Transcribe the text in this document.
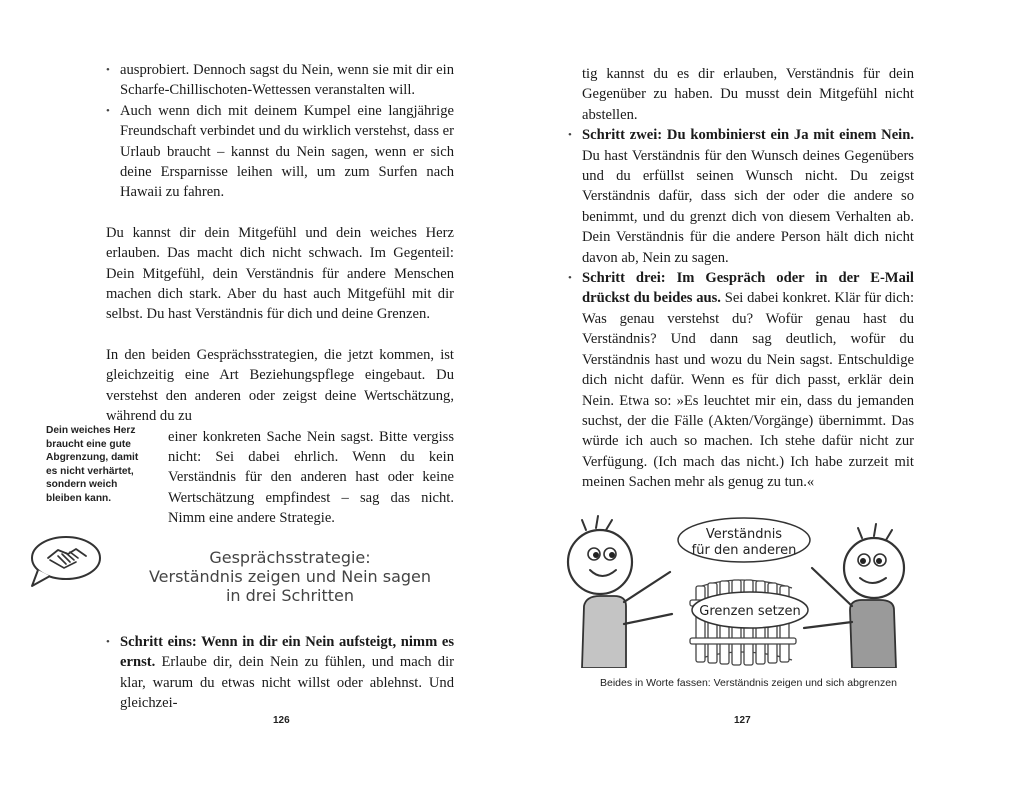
• ausprobiert. Dennoch sagst du Nein, wenn sie mit dir ein Scharfe-Chillischoten-Wettessen veranstalten will.
• Auch wenn dich mit deinem Kumpel eine langjährige Freundschaft verbindet und du wirklich verstehst, dass er Urlaub braucht – kannst du Nein sagen, wenn er sich deine Ersparnisse leihen will, um zum Surfen nach Hawaii zu fahren.

Du kannst dir dein Mitgefühl und dein weiches Herz erlauben. Das macht dich nicht schwach. Im Gegenteil: Dein Mitgefühl, dein Verständnis für andere Menschen machen dich stark. Aber du hast auch Mitgefühl mit dir selbst. Du hast Verständnis für dich und deine Grenzen.

In den beiden Gesprächsstrategien, die jetzt kommen, ist gleichzeitig eine Art Beziehungspflege eingebaut. Du verstehst den anderen oder zeigst deine Wertschätzung, während du zu

einer konkreten Sache Nein sagst. Bitte vergiss nicht: Sei dabei ehrlich. Wenn du kein Verständnis für den anderen hast oder keine Wertschätzung empfindest – sag das nicht. Nimm eine andere Strategie.

Dein weiches Herz braucht eine gute Abgrenzung, damit es nicht verhärtet, sondern weich bleiben kann.
Gesprächsstrategie:
Verständnis zeigen und Nein sagen
in drei Schritten
• Schritt eins: Wenn in dir ein Nein aufsteigt, nimm es ernst. Erlaube dir, dein Nein zu fühlen, und mach dir klar, warum du etwas nicht willst oder ablehnst. Und gleichzei-
126

tig kannst du es dir erlauben, Verständnis für dein Gegenüber zu haben. Du musst dein Mitgefühl nicht abstellen.

• Schritt zwei: Du kombinierst ein Ja mit einem Nein. Du hast Verständnis für den Wunsch deines Gegenübers und du erfüllst seinen Wunsch nicht. Du zeigst Verständnis dafür, dass sich der oder die andere so benimmt, und du grenzt dich von diesem Verhalten ab. Dein Verständnis für die andere Person hält dich nicht davon ab, Nein zu sagen.
• Schritt drei: Im Gespräch oder in der E-Mail drückst du beides aus. Sei dabei konkret. Klär für dich: Was genau verstehst du? Wofür genau hast du Verständnis? Und dann sag deutlich, wofür du Verständnis hast und wozu du Nein sagst. Entschuldige dich nicht dafür. Wenn es für dich passt, erklär dein Nein. Etwa so: »Es leuchtet mir ein, dass du jemanden suchst, der die Fälle (Akten/Vorgänge) übernimmt. Das würde ich auch so machen. Ich stehe dafür nicht zur Verfügung. (Ich mach das nicht.) Ich habe zurzeit mit meinen Sachen mehr als genug zu tun.«
127
Verständnis
für den anderen
Grenzen setzen
Beides in Worte fassen: Verständnis zeigen und sich abgrenzen
